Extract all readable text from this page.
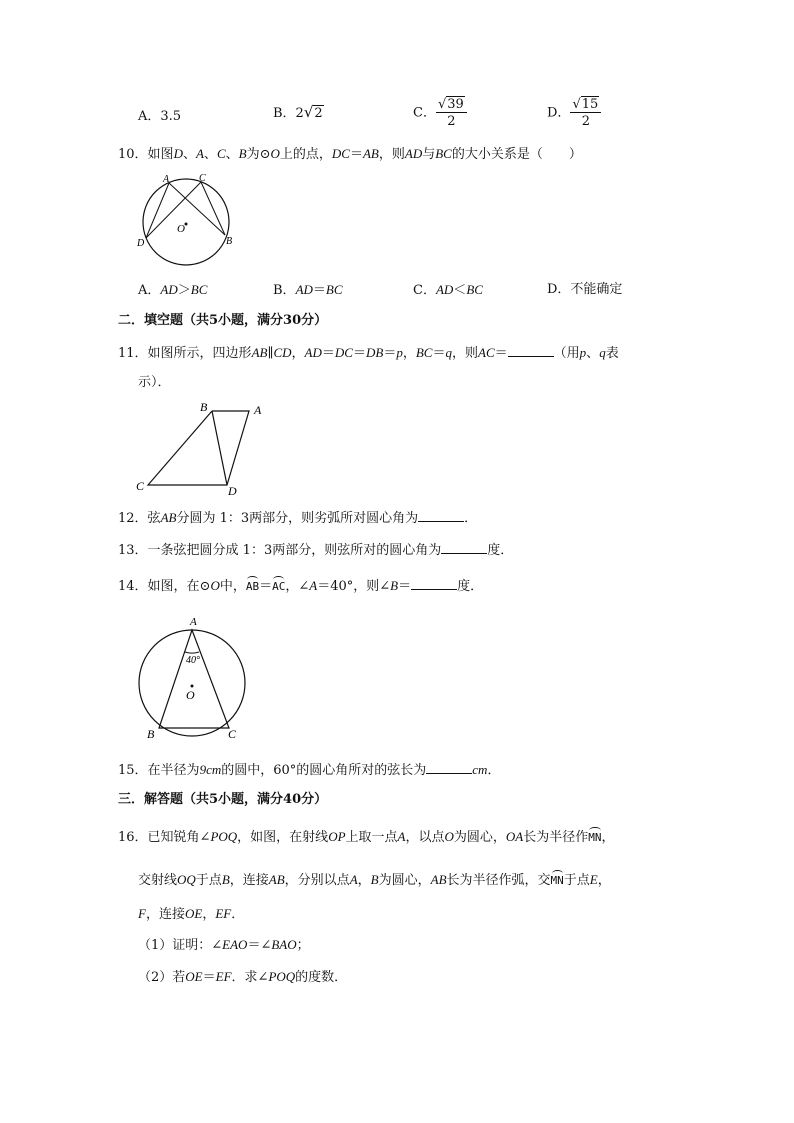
A．3.5	B．2√2	C． $\frac{√39}{2}$	D． $\frac{√15}{2}$
10．如图D、A、C、B为⊙O上的点，DC＝AB，则AD与BC的大小关系是（　　）
A	C
D	B
O
A．AD＞BC	B．AD＝BC	C．AD＜BC	D．不能确定
二．填空题（共5小题，满分30分）
11．如图所示，四边形AB∥CD，AD＝DC＝DB＝p，BC＝q，则AC＝	（用p、q表
示）．
B	A
C	D
12．弦AB分圆为 1：3两部分，则劣弧所对圆心角为	．
13．一条弦把圆分成 1：3两部分，则弦所对的圆心角为	度．
14．如图，在⊙O中，AB＝AC，∠A＝40°，则∠B＝	度．
A
40°
O
B	C
15．在半径为9cm的圆中，60°的圆心角所对的弦长为	cm．
三．解答题（共5小题，满分40分）
16．已知锐角∠POQ，如图，在射线OP上取一点A，以点O为圆心，OA长为半径作MN，
交射线OQ于点B，连接AB，分别以点A，B为圆心，AB长为半径作弧，交MN于点E，
F，连接OE，EF．
（1）证明：∠EAO＝∠BAO；
（2）若OE＝EF．求∠POQ的度数．
